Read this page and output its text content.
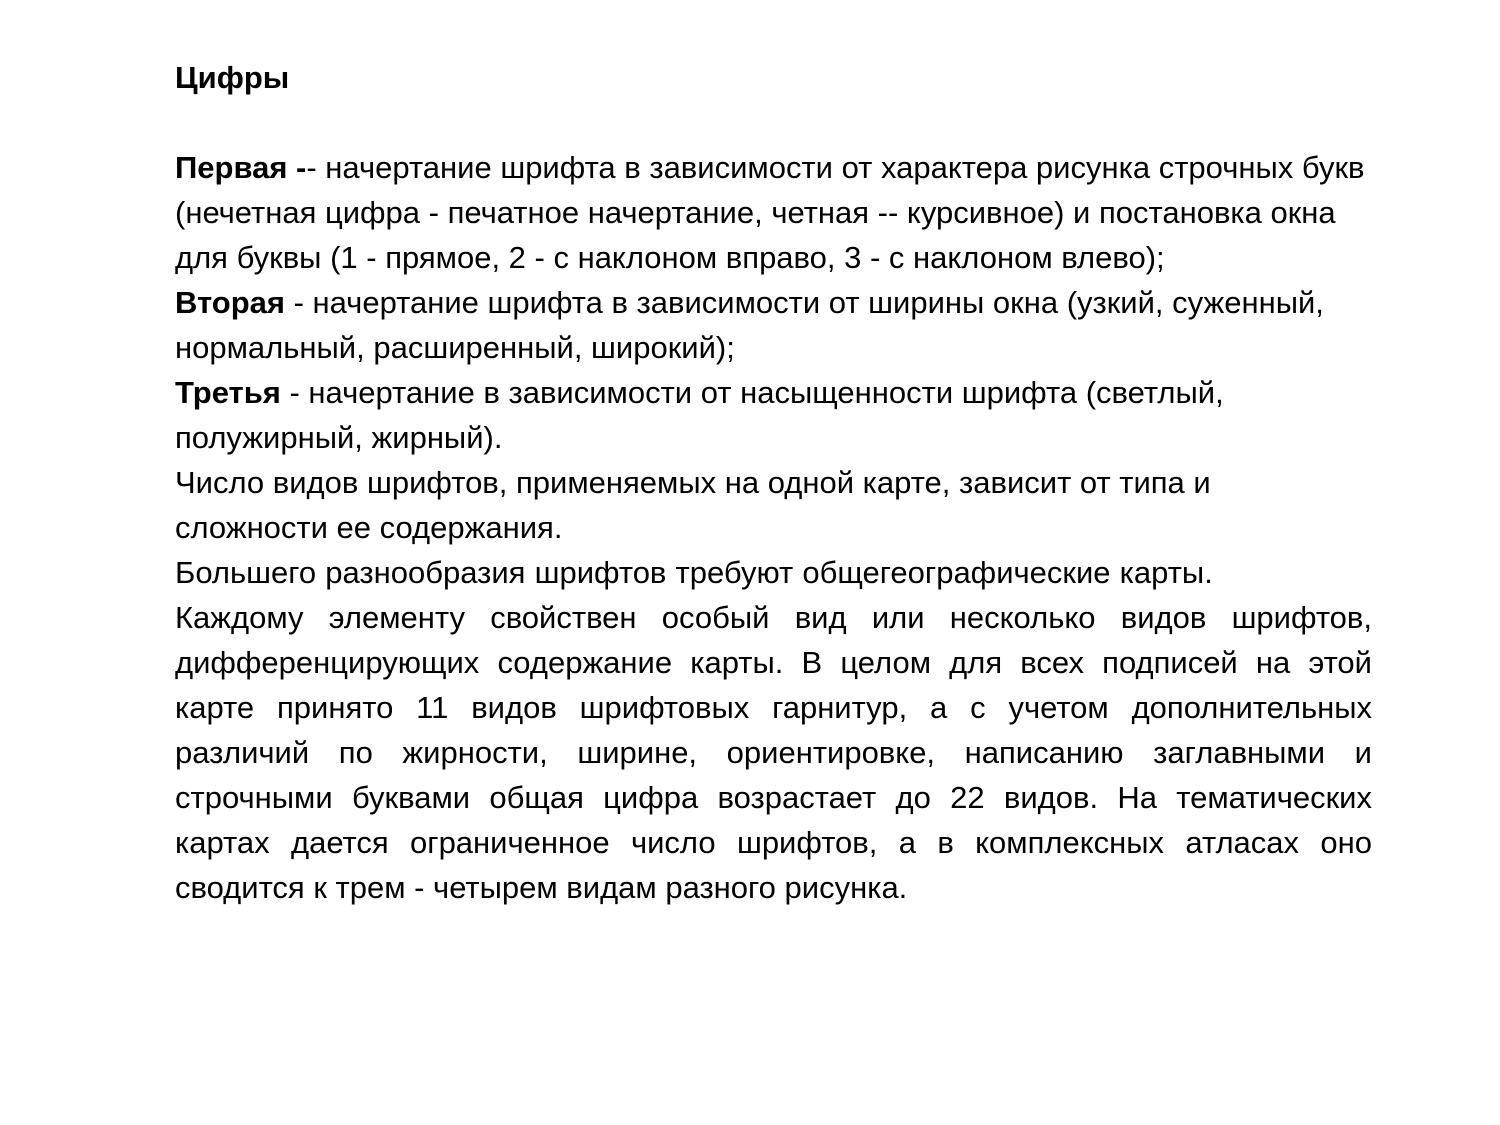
Цифры

Первая -- начертание шрифта в зависимости от характера рисунка строчных букв (нечетная цифра - печатное начертание, четная -- курсивное) и постановка окна для буквы (1 - прямое, 2 - с наклоном вправо, 3 - с наклоном влево);

Вторая - начертание шрифта в зависимости от ширины окна (узкий, суженный, нормальный, расширенный, широкий);

Третья - начертание в зависимости от насыщенности шрифта (светлый, полужирный, жирный).

Число видов шрифтов, применяемых на одной карте, зависит от типа и сложности ее содержания.

Большего разнообразия шрифтов требуют общегеографические карты. Каждому элементу свойствен особый вид или несколько видов шрифтов, дифференцирующих содержание карты. В целом для всех подписей на этой карте принято 11 видов шрифтовых гарнитур, а с учетом дополнительных различий по жирности, ширине, ориентировке, написанию заглавными и строчными буквами общая цифра возрастает до 22 видов. На тематических картах дается ограниченное число шрифтов, а в комплексных атласах оно сводится к трем - четырем видам разного рисунка.
